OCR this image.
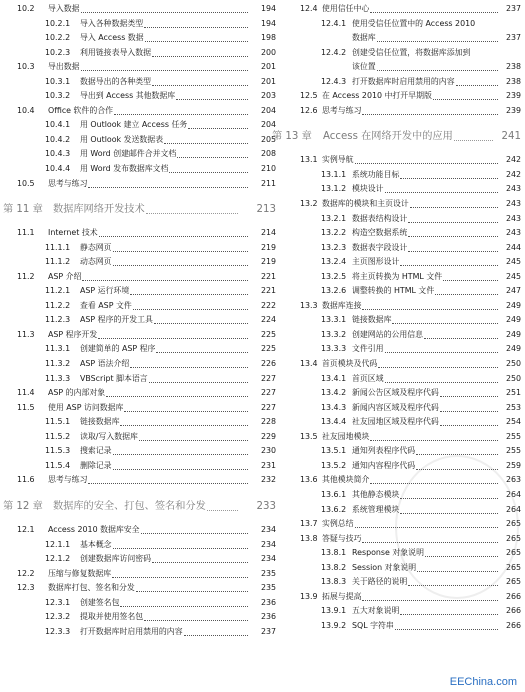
10.2 导入数据	194
10.2.1 导入各种数据类型	194
10.2.2 导入 Access 数据	198
10.2.3 利用链接表导入数据	200
10.3 导出数据	201
10.3.1 数据导出的各种类型	201
10.3.2 导出到 Access 其他数据库	203
10.4 Office 软件的合作	204
10.4.1 用 Outlook 建立 Access 任务	204
10.4.2 用 Outlook 发送数据表	205
10.4.3 用 Word 创建邮件合并文档	208
10.4.4 用 Word 发布数据库文档	210
10.5 思考与练习	211
第 11 章 数据库网络开发技术	213
11.1 Internet 技术	214
11.1.1 静态网页	219
11.1.2 动态网页	219
11.2 ASP 介绍	221
11.2.1 ASP 运行环境	221
11.2.2 查看 ASP 文件	222
11.2.3 ASP 程序的开发工具	224
11.3 ASP 程序开发	225
11.3.1 创建简单的 ASP 程序	225
11.3.2 ASP 语法介绍	226
11.3.3 VBScript 脚本语言	227
11.4 ASP 的内部对象	227
11.5 使用 ASP 访问数据库	227
11.5.1 链接数据库	228
11.5.2 读取/写入数据库	229
11.5.3 搜索记录	230
11.5.4 删除记录	231
11.6 思考与练习	232
第 12 章 数据库的安全、打包、签名和分发	233
12.1 Access 2010 数据库安全	234
12.1.1 基本概念	234
12.1.2 创建数据库访问密码	234
12.2 压缩与修复数据库	235
12.3 数据库打包、签名和分发	235
12.3.1 创建签名包	236
12.3.2 提取并使用签名包	236
12.3.3 打开数据库时启用禁用的内容	237
12.4 使用信任中心	237
12.4.1 使用受信任位置中的 Access 2010
数据库	237
12.4.2 创建受信任位置，将数据库添加到
该位置	238
12.4.3 打开数据库时启用禁用的内容	238
12.5 在 Access 2010 中打开早期版	239
12.6 思考与练习	239
第 13 章 Access 在网络开发中的应用	241
13.1 实例导航	242
13.1.1 系统功能目标	242
13.1.2 模块设计	243
13.2 数据库的模块和主页设计	243
13.2.1 数据表结构设计	243
13.2.2 构造空数据系统	243
13.2.3 数据表字段设计	244
13.2.4 主页图形设计	245
13.2.5 将主页转换为 HTML 文件	245
13.2.6 调整转换的 HTML 文件	247
13.3 数据库连接	249
13.3.1 链接数据库	249
13.3.2 创建网站的公用信息	249
13.3.3 文件引用	249
13.4 首页模块及代码	250
13.4.1 首页区域	250
13.4.2 新闻公告区域及程序代码	251
13.4.3 新闻内容区域及程序代码	253
13.4.4 社友园地区域及程序代码	254
13.5 社友园地模块	255
13.5.1 通知列表程序代码	255
13.5.2 通知内容程序代码	259
13.6 其他模块简介	263
13.6.1 其他静态模块	264
13.6.2 系统管理模块	264
13.7 实例总结	265
13.8 答疑与技巧	265
13.8.1 Response 对象说明	265
13.8.2 Session 对象说明	265
13.8.3 关于路径的说明	265
13.9 拓展与提高	266
13.9.1 五大对象说明	266
13.9.2 SQL 字符串	266
EEChina.com
